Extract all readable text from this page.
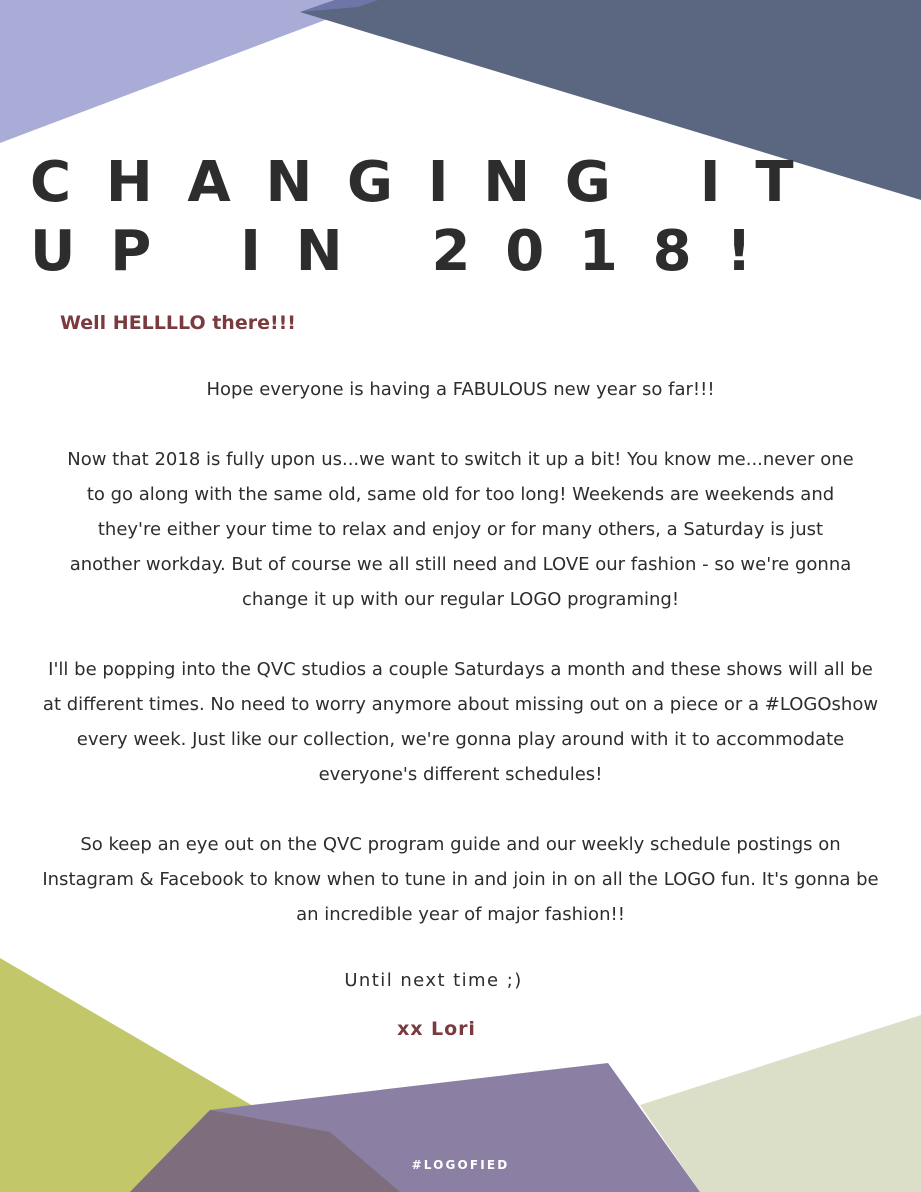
CHANGING IT
UP IN 2018!
Well HELLLLO there!!!

Hope everyone is having a FABULOUS new year so far!!!

Now that 2018 is fully upon us...we want to switch it up a bit! You know me...never one to go along with the same old, same old for too long! Weekends are weekends and they're either your time to relax and enjoy or for many others, a Saturday is just another workday. But of course we all still need and LOVE our fashion - so we're gonna change it up with our regular LOGO programing!

I'll be popping into the QVC studios a couple Saturdays a month and these shows will all be at different times. No need to worry anymore about missing out on a piece or a #LOGOshow every week. Just like our collection, we're gonna play around with it to accommodate everyone's different schedules!

So keep an eye out on the QVC program guide and our weekly schedule postings on Instagram & Facebook to know when to tune in and join in on all the LOGO fun. It's gonna be an incredible year of major fashion!!

Until next time ;)
xx Lori
#LOGOFIED
